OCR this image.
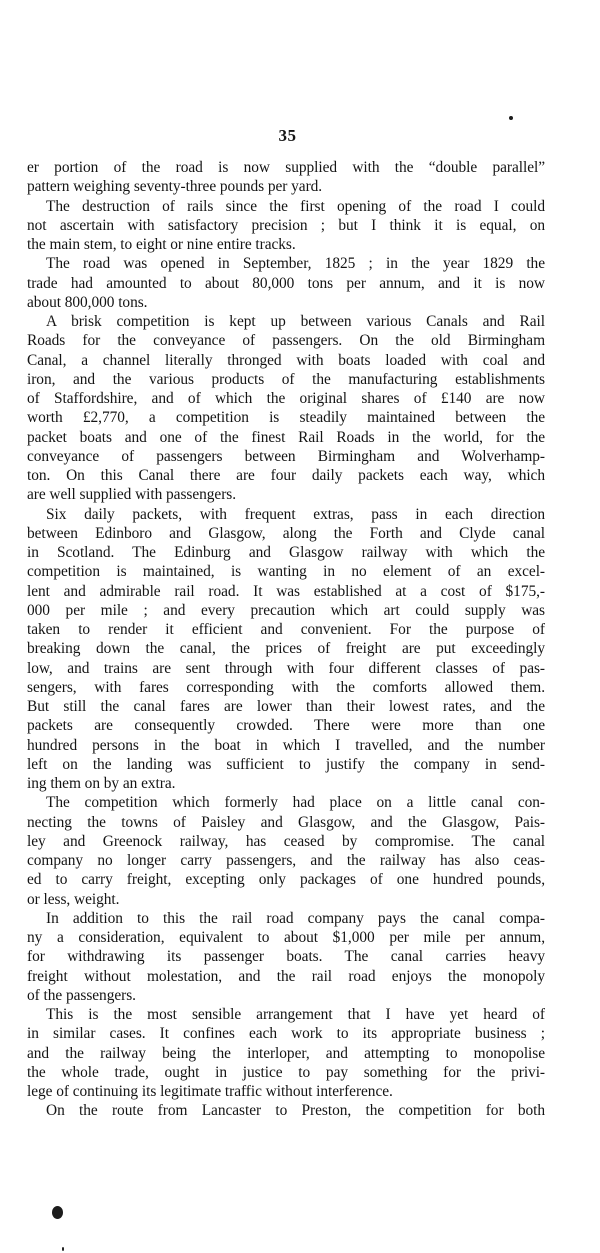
35
er portion of the road is now supplied with the “double parallel”
pattern weighing seventy-three pounds per yard.
The destruction of rails since the first opening of the road I could
not ascertain with satisfactory precision ; but I think it is equal, on
the main stem, to eight or nine entire tracks.
The road was opened in September, 1825 ; in the year 1829 the
trade had amounted to about 80,000 tons per annum, and it is now
about 800,000 tons.
A brisk competition is kept up between various Canals and Rail
Roads for the conveyance of passengers. On the old Birmingham
Canal, a channel literally thronged with boats loaded with coal and
iron, and the various products of the manufacturing establishments
of Staffordshire, and of which the original shares of £140 are now
worth £2,770, a competition is steadily maintained between the
packet boats and one of the finest Rail Roads in the world, for the
conveyance of passengers between Birmingham and Wolverhamp-
ton. On this Canal there are four daily packets each way, which
are well supplied with passengers.
Six daily packets, with frequent extras, pass in each direction
between Edinboro and Glasgow, along the Forth and Clyde canal
in Scotland. The Edinburg and Glasgow railway with which the
competition is maintained, is wanting in no element of an excel-
lent and admirable rail road. It was established at a cost of $175,-
000 per mile ; and every precaution which art could supply was
taken to render it efficient and convenient. For the purpose of
breaking down the canal, the prices of freight are put exceedingly
low, and trains are sent through with four different classes of pas-
sengers, with fares corresponding with the comforts allowed them.
But still the canal fares are lower than their lowest rates, and the
packets are consequently crowded. There were more than one
hundred persons in the boat in which I travelled, and the number
left on the landing was sufficient to justify the company in send-
ing them on by an extra.
The competition which formerly had place on a little canal con-
necting the towns of Paisley and Glasgow, and the Glasgow, Pais-
ley and Greenock railway, has ceased by compromise. The canal
company no longer carry passengers, and the railway has also ceas-
ed to carry freight, excepting only packages of one hundred pounds,
or less, weight.
In addition to this the rail road company pays the canal compa-
ny a consideration, equivalent to about $1,000 per mile per annum,
for withdrawing its passenger boats. The canal carries heavy
freight without molestation, and the rail road enjoys the monopoly
of the passengers.
This is the most sensible arrangement that I have yet heard of
in similar cases. It confines each work to its appropriate business ;
and the railway being the interloper, and attempting to monopolise
the whole trade, ought in justice to pay something for the privi-
lege of continuing its legitimate traffic without interference.
On the route from Lancaster to Preston, the competition for both
